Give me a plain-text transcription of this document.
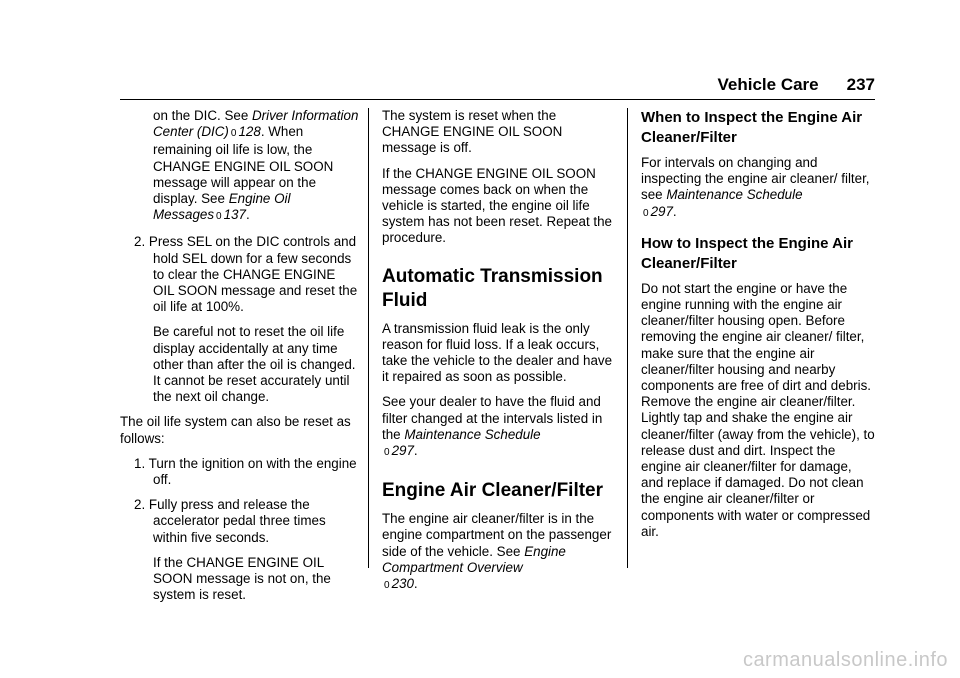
Vehicle Care 237

on the DIC. See Driver Information Center (DIC) 0 128. When remaining oil life is low, the CHANGE ENGINE OIL SOON message will appear on the display. See Engine Oil Messages 0 137.

2. Press SEL on the DIC controls and hold SEL down for a few seconds to clear the CHANGE ENGINE OIL SOON message and reset the oil life at 100%.

Be careful not to reset the oil life display accidentally at any time other than after the oil is changed. It cannot be reset accurately until the next oil change.

The oil life system can also be reset as follows:

1. Turn the ignition on with the engine off.

2. Fully press and release the accelerator pedal three times within five seconds.

If the CHANGE ENGINE OIL SOON message is not on, the system is reset.

The system is reset when the CHANGE ENGINE OIL SOON message is off.

If the CHANGE ENGINE OIL SOON message comes back on when the vehicle is started, the engine oil life system has not been reset. Repeat the procedure.

Automatic Transmission Fluid

A transmission fluid leak is the only reason for fluid loss. If a leak occurs, take the vehicle to the dealer and have it repaired as soon as possible.

See your dealer to have the fluid and filter changed at the intervals listed in the Maintenance Schedule
0 297.

Engine Air Cleaner/Filter

The engine air cleaner/filter is in the engine compartment on the passenger side of the vehicle. See Engine Compartment Overview
0 230.

When to Inspect the Engine Air Cleaner/Filter

For intervals on changing and inspecting the engine air cleaner/ filter, see Maintenance Schedule
0 297.

How to Inspect the Engine Air Cleaner/Filter

Do not start the engine or have the engine running with the engine air cleaner/filter housing open. Before removing the engine air cleaner/ filter, make sure that the engine air cleaner/filter housing and nearby components are free of dirt and debris. Remove the engine air cleaner/filter. Lightly tap and shake the engine air cleaner/filter (away from the vehicle), to release dust and dirt. Inspect the engine air cleaner/filter for damage, and replace if damaged. Do not clean the engine air cleaner/filter or components with water or compressed air.

carmanualsonline.info
